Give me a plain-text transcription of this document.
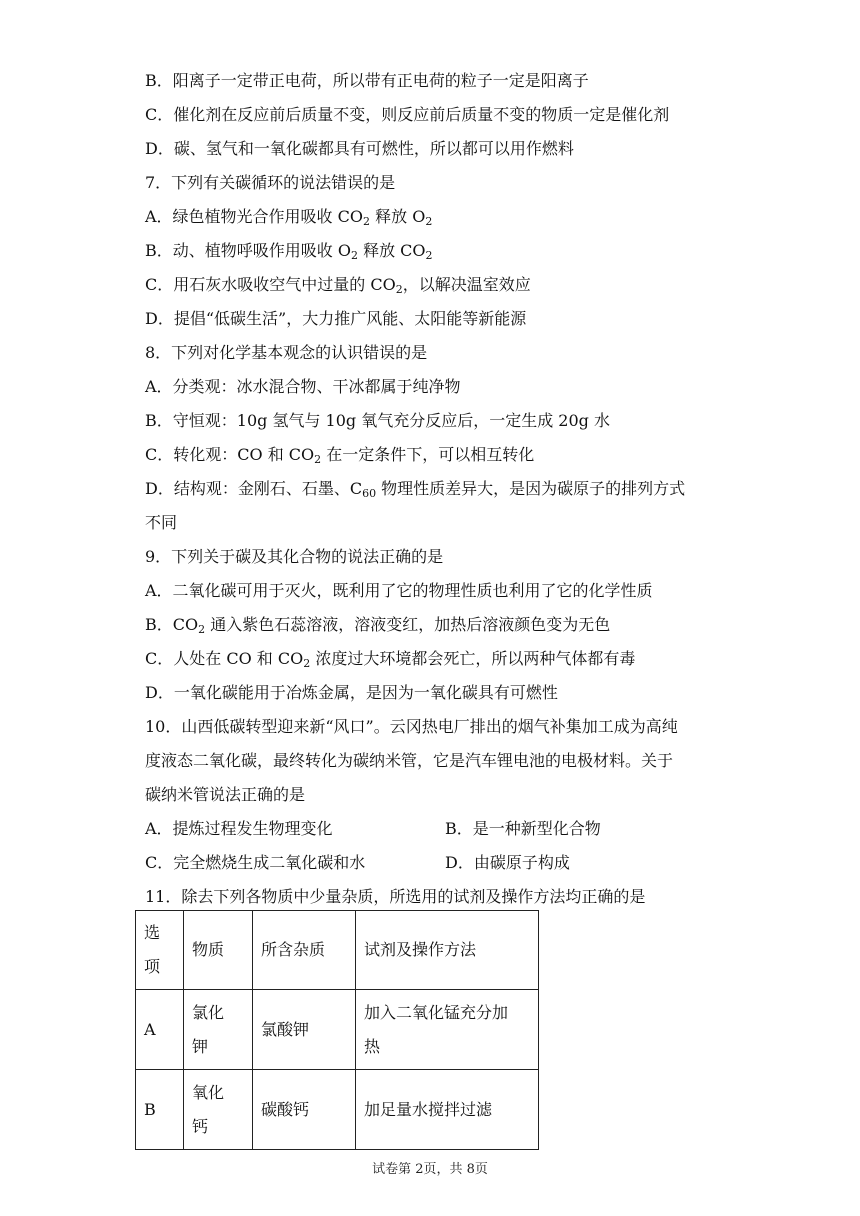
B．阳离子一定带正电荷，所以带有正电荷的粒子一定是阳离子
C．催化剂在反应前后质量不变，则反应前后质量不变的物质一定是催化剂
D．碳、氢气和一氧化碳都具有可燃性，所以都可以用作燃料
7．下列有关碳循环的说法错误的是
A．绿色植物光合作用吸收 $CO_2$ 释放 $O_2$
B．动、植物呼吸作用吸收 $O_2$ 释放 $CO_2$
C．用石灰水吸收空气中过量的 $CO_2$，以解决温室效应
D．提倡“低碳生活”，大力推广风能、太阳能等新能源
8．下列对化学基本观念的认识错误的是
A．分类观：冰水混合物、干冰都属于纯净物
B．守恒观：10g 氢气与 10g 氧气充分反应后，一定生成 20g 水
C．转化观：CO 和 $CO_2$ 在一定条件下，可以相互转化
D．结构观：金刚石、石墨、$C_{60}$ 物理性质差异大，是因为碳原子的排列方式
不同
9．下列关于碳及其化合物的说法正确的是
A．二氧化碳可用于灭火，既利用了它的物理性质也利用了它的化学性质
B．$CO_2$ 通入紫色石蕊溶液，溶液变红，加热后溶液颜色变为无色
C．人处在 CO 和 $CO_2$ 浓度过大环境都会死亡，所以两种气体都有毒
D．一氧化碳能用于冶炼金属，是因为一氧化碳具有可燃性
10．山西低碳转型迎来新“风口”。云冈热电厂排出的烟气补集加工成为高纯
度液态二氧化碳，最终转化为碳纳米管，它是汽车锂电池的电极材料。关于
碳纳米管说法正确的是
A．提炼过程发生物理变化	B．是一种新型化合物
C．完全燃烧生成二氧化碳和水	D．由碳原子构成
11．除去下列各物质中少量杂质，所选用的试剂及操作方法均正确的是
选
项	物质	所含杂质	试剂及操作方法
A	氯化
钾	氯酸钾	加入二氧化锰充分加
热
B	氧化
钙	碳酸钙	加足量水搅拌过滤
试卷第 2页，共 8页
